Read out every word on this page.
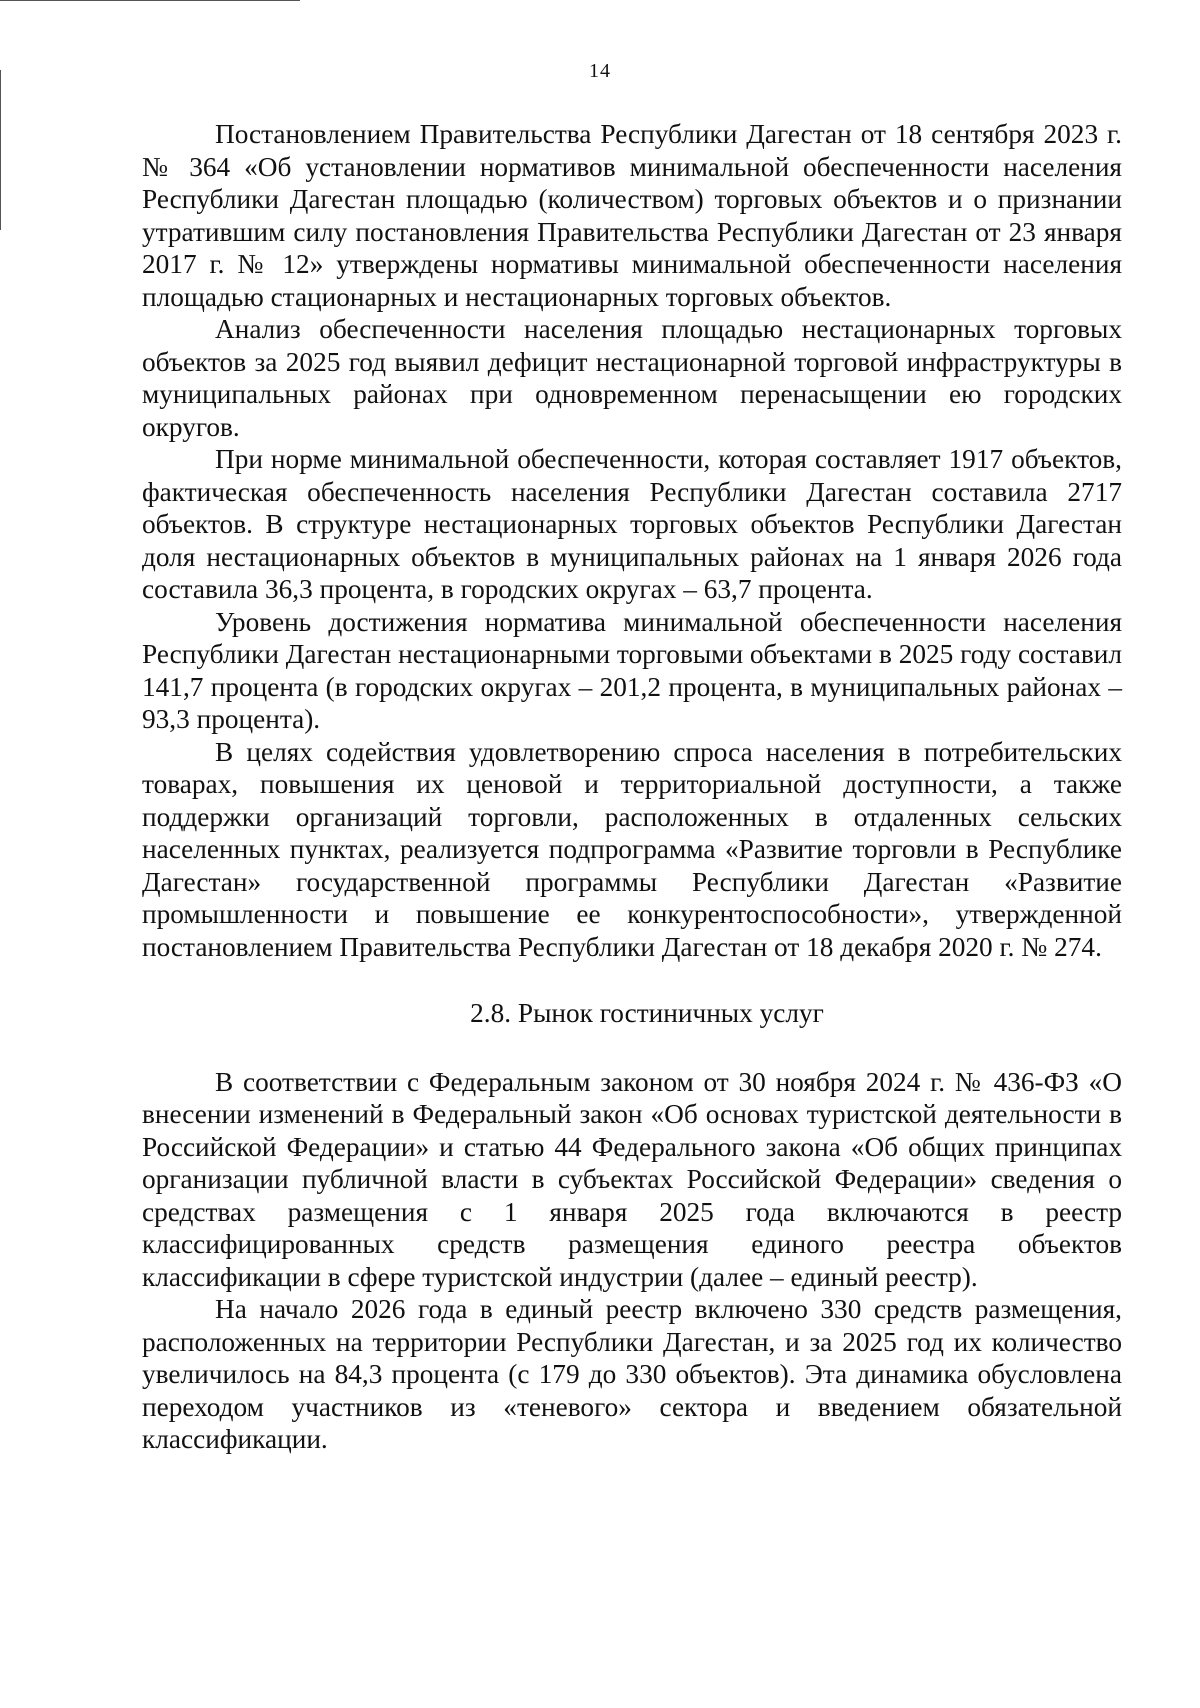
14

Постановлением Правительства Республики Дагестан от 18 сентября 2023 г. № 364 «Об установлении нормативов минимальной обеспеченности населения Республики Дагестан площадью (количеством) торговых объектов и о признании утратившим силу постановления Правительства Республики Дагестан от 23 января 2017 г. № 12» утверждены нормативы минимальной обеспеченности населения площадью стационарных и нестационарных торговых объектов.

Анализ обеспеченности населения площадью нестационарных торговых объектов за 2025 год выявил дефицит нестационарной торговой инфраструктуры в муниципальных районах при одновременном перенасыщении ею городских округов.

При норме минимальной обеспеченности, которая составляет 1917 объектов, фактическая обеспеченность населения Республики Дагестан составила 2717 объектов. В структуре нестационарных торговых объектов Республики Дагестан доля нестационарных объектов в муниципальных районах на 1 января 2026 года составила 36,3 процента, в городских округах – 63,7 процента.

Уровень достижения норматива минимальной обеспеченности населения Республики Дагестан нестационарными торговыми объектами в 2025 году составил 141,7 процента (в городских округах – 201,2 процента, в муниципальных районах – 93,3 процента).

В целях содействия удовлетворению спроса населения в потребительских товарах, повышения их ценовой и территориальной доступности, а также поддержки организаций торговли, расположенных в отдаленных сельских населенных пунктах, реализуется подпрограмма «Развитие торговли в Республике Дагестан» государственной программы Республики Дагестан «Развитие промышленности и повышение ее конкурентоспособности», утвержденной постановлением Правительства Республики Дагестан от 18 декабря 2020 г. № 274.

2.8. Рынок гостиничных услуг

В соответствии с Федеральным законом от 30 ноября 2024 г. № 436-ФЗ «О внесении изменений в Федеральный закон «Об основах туристской деятельности в Российской Федерации» и статью 44 Федерального закона «Об общих принципах организации публичной власти в субъектах Российской Федерации» сведения о средствах размещения с 1 января 2025 года включаются в реестр классифицированных средств размещения единого реестра объектов классификации в сфере туристской индустрии (далее – единый реестр).

На начало 2026 года в единый реестр включено 330 средств размещения, расположенных на территории Республики Дагестан, и за 2025 год их количество увеличилось на 84,3 процента (с 179 до 330 объектов). Эта динамика обусловлена переходом участников из «теневого» сектора и введением обязательной классификации.
